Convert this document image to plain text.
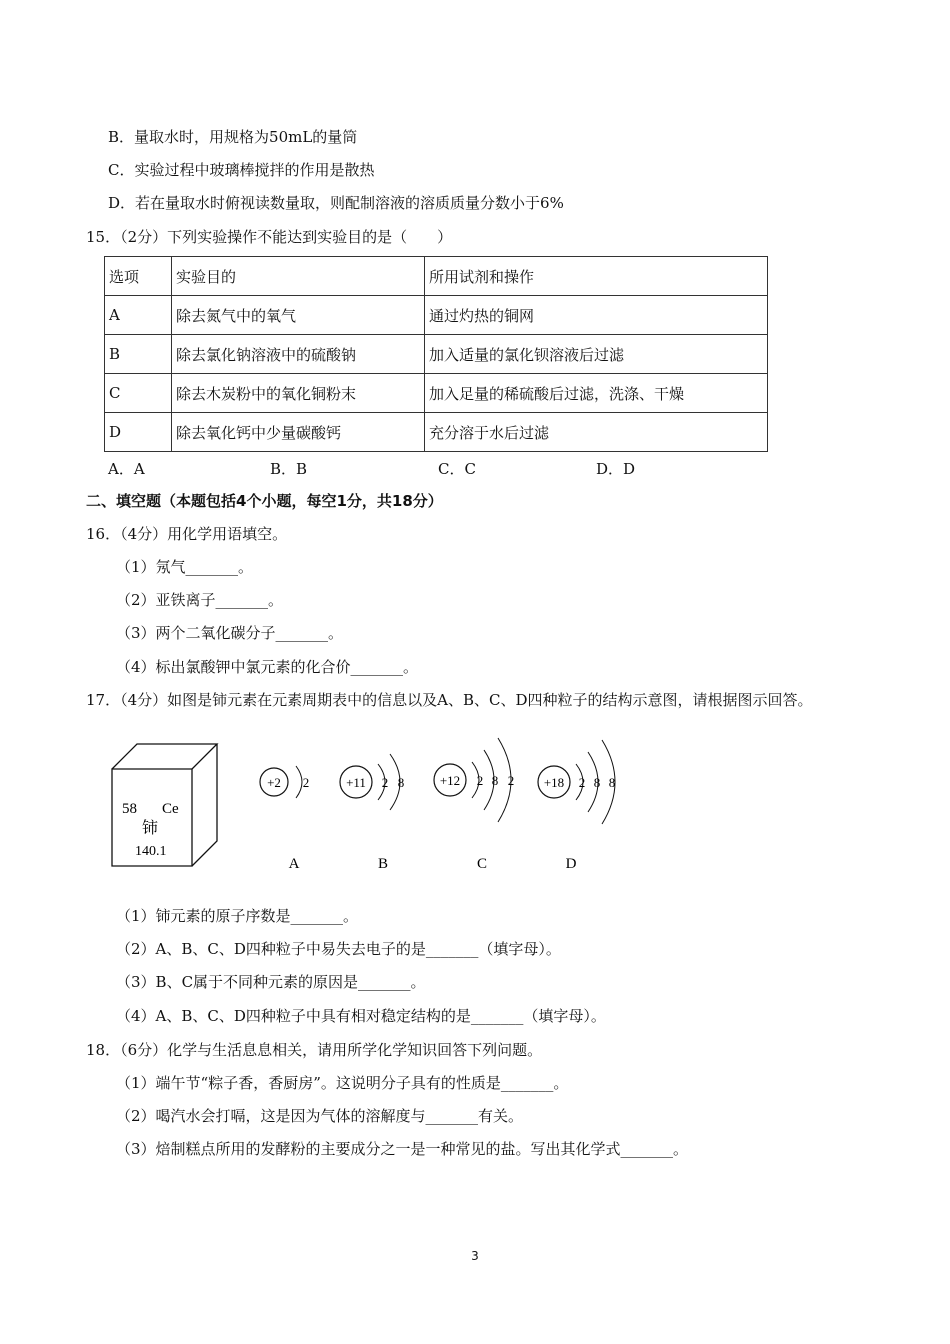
B．量取水时，用规格为50mL的量筒
C．实验过程中玻璃棒搅拌的作用是散热
D．若在量取水时俯视读数量取，则配制溶液的溶质质量分数小于6%
15．（2分）下列实验操作不能达到实验目的是（　　）
选项	实验目的	所用试剂和操作
A	除去氮气中的氧气	通过灼热的铜网
B	除去氯化钠溶液中的硫酸钠	加入适量的氯化钡溶液后过滤
C	除去木炭粉中的氧化铜粉末	加入足量的稀硫酸后过滤，洗涤、干燥
D	除去氧化钙中少量碳酸钙	充分溶于水后过滤
A．A	B．B	C．C	D．D
二、填空题（本题包括4个小题，每空1分，共18分）
16．（4分）用化学用语填空。
（1）氖气_______。
（2）亚铁离子_______。
（3）两个二氧化碳分子_______。
（4）标出氯酸钾中氯元素的化合价_______。
17．（4分）如图是铈元素在元素周期表中的信息以及A、B、C、D四种粒子的结构示意图，请根据图示回答。
58 Ce
铈
140.1
+2 2
A
+11 2 8
B
+12 2 8 2
C
+18 2 8 8
D
（1）铈元素的原子序数是_______。
（2）A、B、C、D四种粒子中易失去电子的是_______（填字母）。
（3）B、C属于不同种元素的原因是_______。
（4）A、B、C、D四种粒子中具有相对稳定结构的是_______（填字母）。
18．（6分）化学与生活息息相关，请用所学化学知识回答下列问题。
（1）端午节“粽子香，香厨房”。这说明分子具有的性质是_______。
（2）喝汽水会打嗝，这是因为气体的溶解度与_______有关。
（3）焙制糕点所用的发酵粉的主要成分之一是一种常见的盐。写出其化学式_______。
3
